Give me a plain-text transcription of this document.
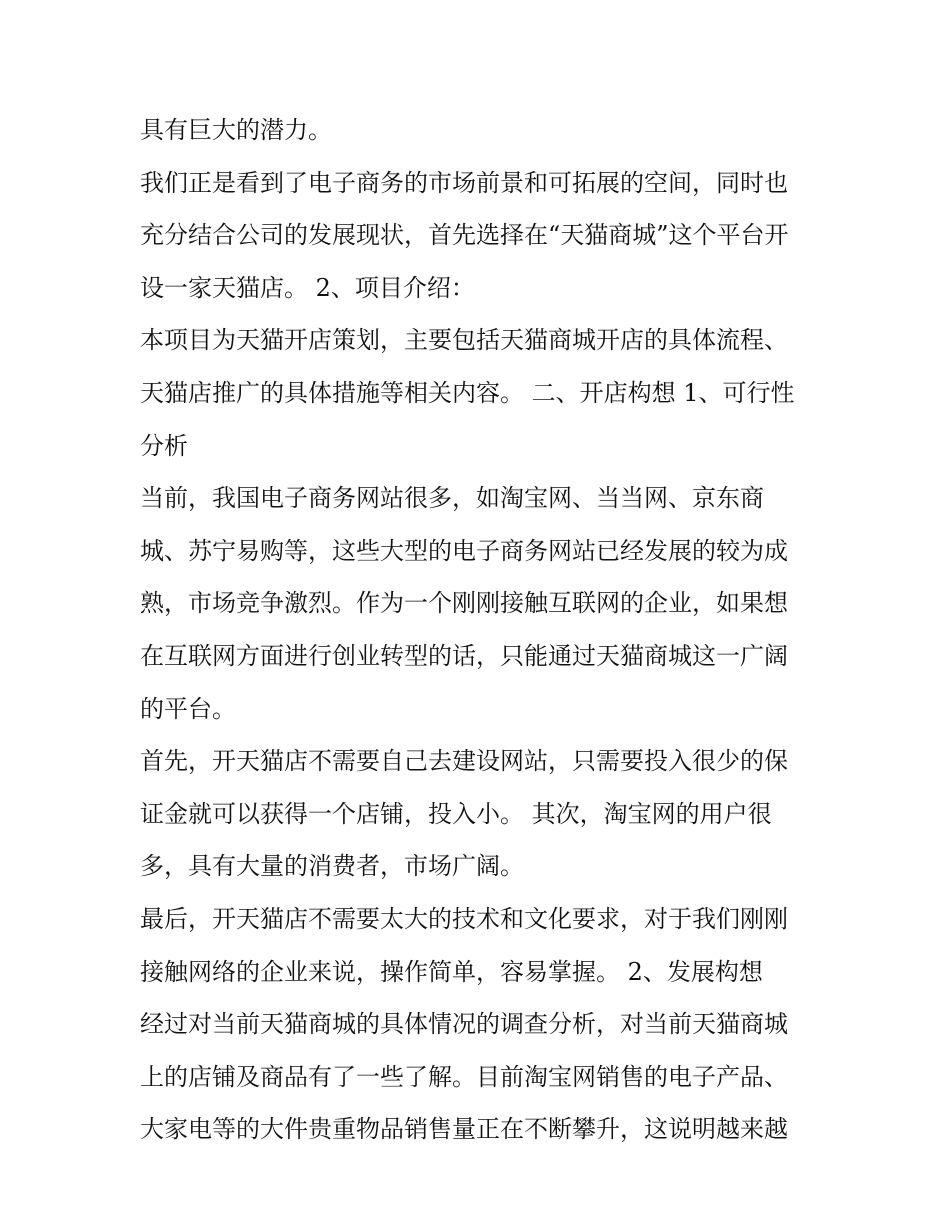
具有巨大的潜力。
我们正是看到了电子商务的市场前景和可拓展的空间，同时也
充分结合公司的发展现状，首先选择在“天猫商城”这个平台开
设一家天猫店。 2、项目介绍：
本项目为天猫开店策划，主要包括天猫商城开店的具体流程、
天猫店推广的具体措施等相关内容。 二、开店构想 1、可行性
分析
当前，我国电子商务网站很多，如淘宝网、当当网、京东商
城、苏宁易购等，这些大型的电子商务网站已经发展的较为成
熟，市场竞争激烈。作为一个刚刚接触互联网的企业，如果想
在互联网方面进行创业转型的话，只能通过天猫商城这一广阔
的平台。
首先，开天猫店不需要自己去建设网站，只需要投入很少的保
证金就可以获得一个店铺，投入小。 其次，淘宝网的用户很
多，具有大量的消费者，市场广阔。
最后，开天猫店不需要太大的技术和文化要求，对于我们刚刚
接触网络的企业来说，操作简单，容易掌握。 2、发展构想
经过对当前天猫商城的具体情况的调查分析，对当前天猫商城
上的店铺及商品有了一些了解。目前淘宝网销售的电子产品、
大家电等的大件贵重物品销售量正在不断攀升，这说明越来越
